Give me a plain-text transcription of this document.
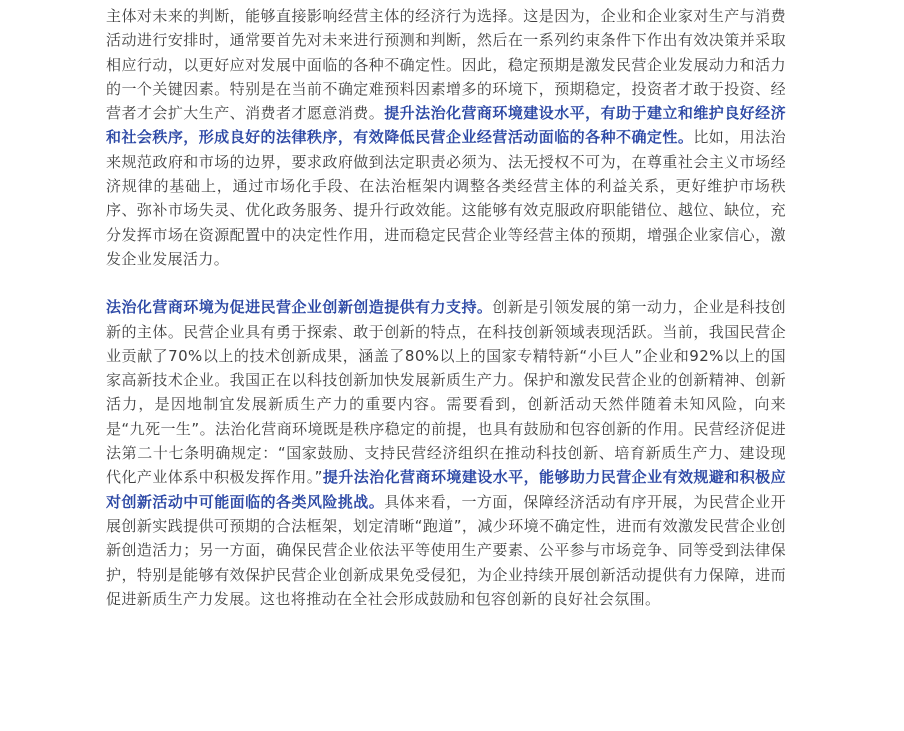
主体对未来的判断，能够直接影响经营主体的经济行为选择。这是因为，企业和企业家对生产与消费活动进行安排时，通常要首先对未来进行预测和判断，然后在一系列约束条件下作出有效决策并采取相应行动，以更好应对发展中面临的各种不确定性。因此，稳定预期是激发民营企业发展动力和活力的一个关键因素。特别是在当前不确定难预料因素增多的环境下，预期稳定，投资者才敢于投资、经营者才会扩大生产、消费者才愿意消费。提升法治化营商环境建设水平，有助于建立和维护良好经济和社会秩序，形成良好的法律秩序，有效降低民营企业经营活动面临的各种不确定性。比如，用法治来规范政府和市场的边界，要求政府做到法定职责必须为、法无授权不可为，在尊重社会主义市场经济规律的基础上，通过市场化手段、在法治框架内调整各类经营主体的利益关系，更好维护市场秩序、弥补市场失灵、优化政务服务、提升行政效能。这能够有效克服政府职能错位、越位、缺位，充分发挥市场在资源配置中的决定性作用，进而稳定民营企业等经营主体的预期，增强企业家信心，激发企业发展活力。

法治化营商环境为促进民营企业创新创造提供有力支持。创新是引领发展的第一动力，企业是科技创新的主体。民营企业具有勇于探索、敢于创新的特点，在科技创新领域表现活跃。当前，我国民营企业贡献了70%以上的技术创新成果，涵盖了80%以上的国家专精特新“小巨人”企业和92%以上的国家高新技术企业。我国正在以科技创新加快发展新质生产力。保护和激发民营企业的创新精神、创新活力，是因地制宜发展新质生产力的重要内容。需要看到，创新活动天然伴随着未知风险，向来是“九死一生”。法治化营商环境既是秩序稳定的前提，也具有鼓励和包容创新的作用。民营经济促进法第二十七条明确规定：“国家鼓励、支持民营经济组织在推动科技创新、培育新质生产力、建设现代化产业体系中积极发挥作用。”提升法治化营商环境建设水平，能够助力民营企业有效规避和积极应对创新活动中可能面临的各类风险挑战。具体来看，一方面，保障经济活动有序开展，为民营企业开展创新实践提供可预期的合法框架，划定清晰“跑道”，减少环境不确定性，进而有效激发民营企业创新创造活力；另一方面，确保民营企业依法平等使用生产要素、公平参与市场竞争、同等受到法律保护，特别是能够有效保护民营企业创新成果免受侵犯，为企业持续开展创新活动提供有力保障，进而促进新质生产力发展。这也将推动在全社会形成鼓励和包容创新的良好社会氛围。
